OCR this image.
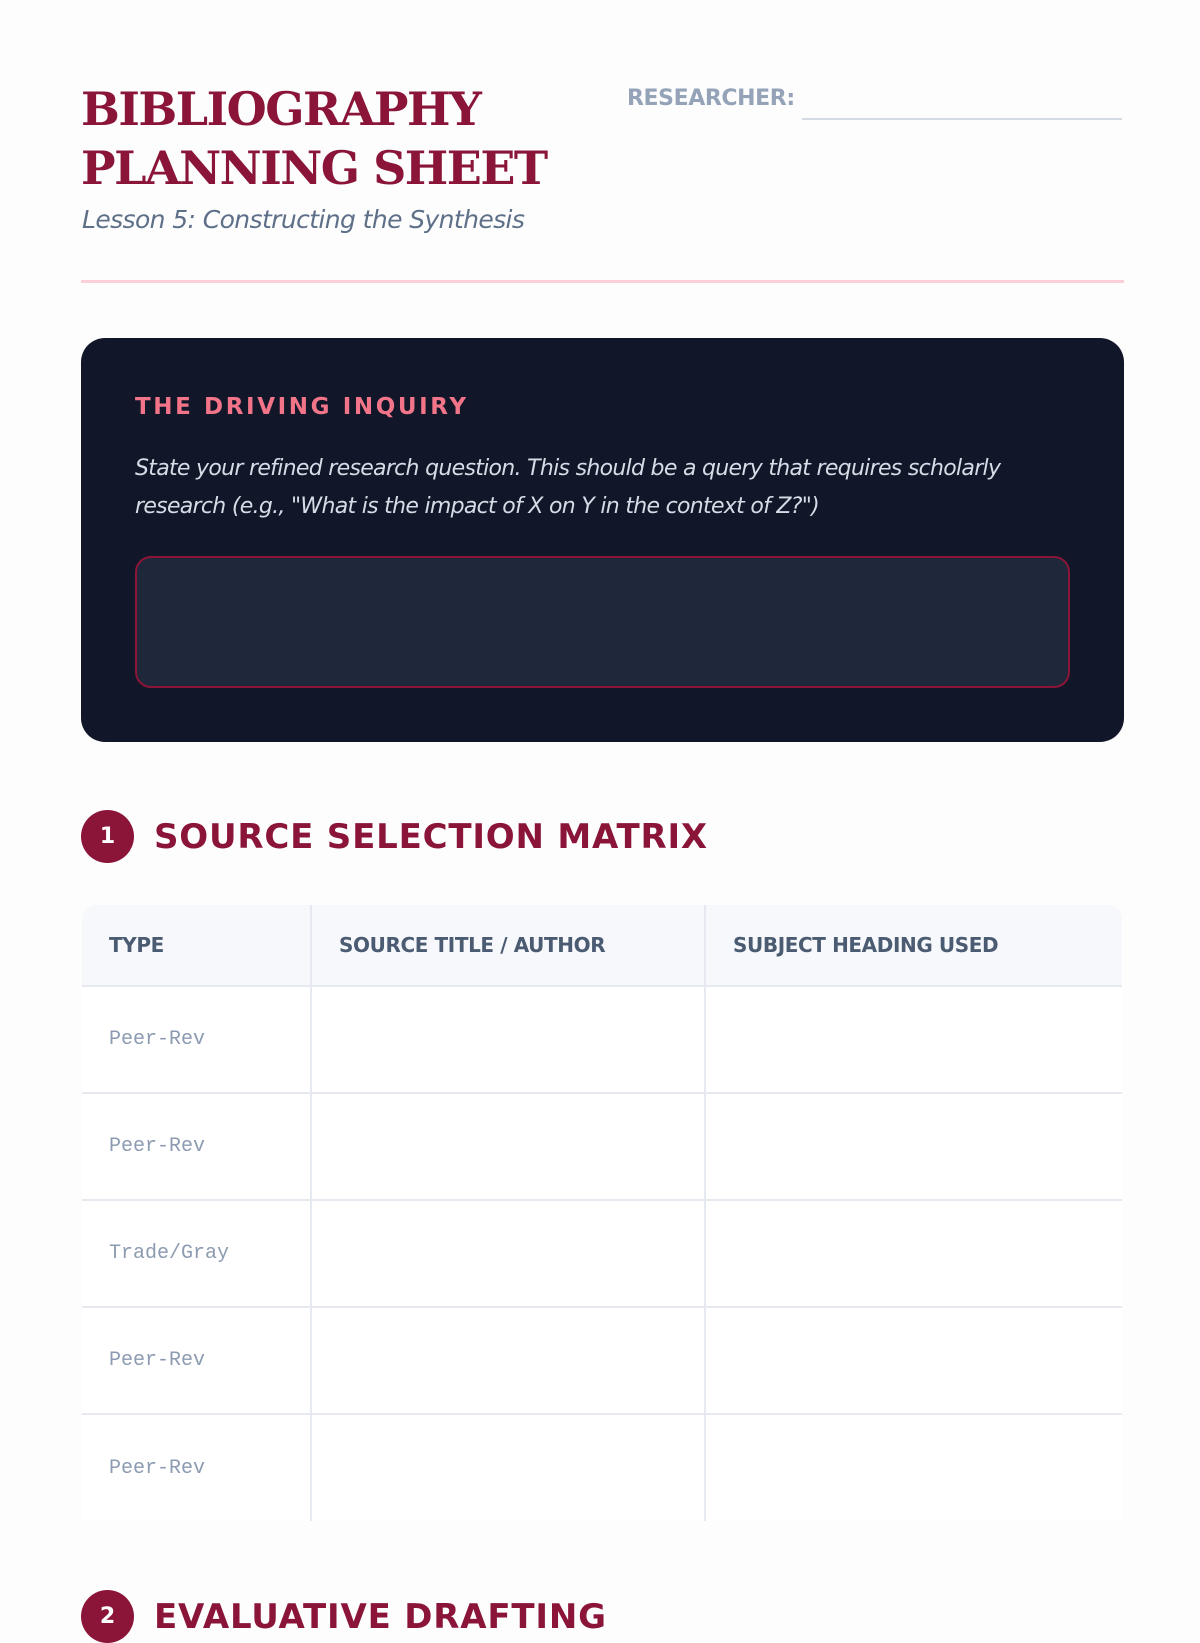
BIBLIOGRAPHY
PLANNING SHEET
Lesson 5: Constructing the Synthesis
RESEARCHER:
THE DRIVING INQUIRY

State your refined research question. This should be a query that requires scholarly research (e.g., "What is the impact of X on Y in the context of Z?")

1	SOURCE SELECTION MATRIX
TYPE	SOURCE TITLE / AUTHOR	SUBJECT HEADING USED
Peer-Rev		
Peer-Rev		
Trade/Gray		
Peer-Rev		
Peer-Rev		
2	EVALUATIVE DRAFTING
